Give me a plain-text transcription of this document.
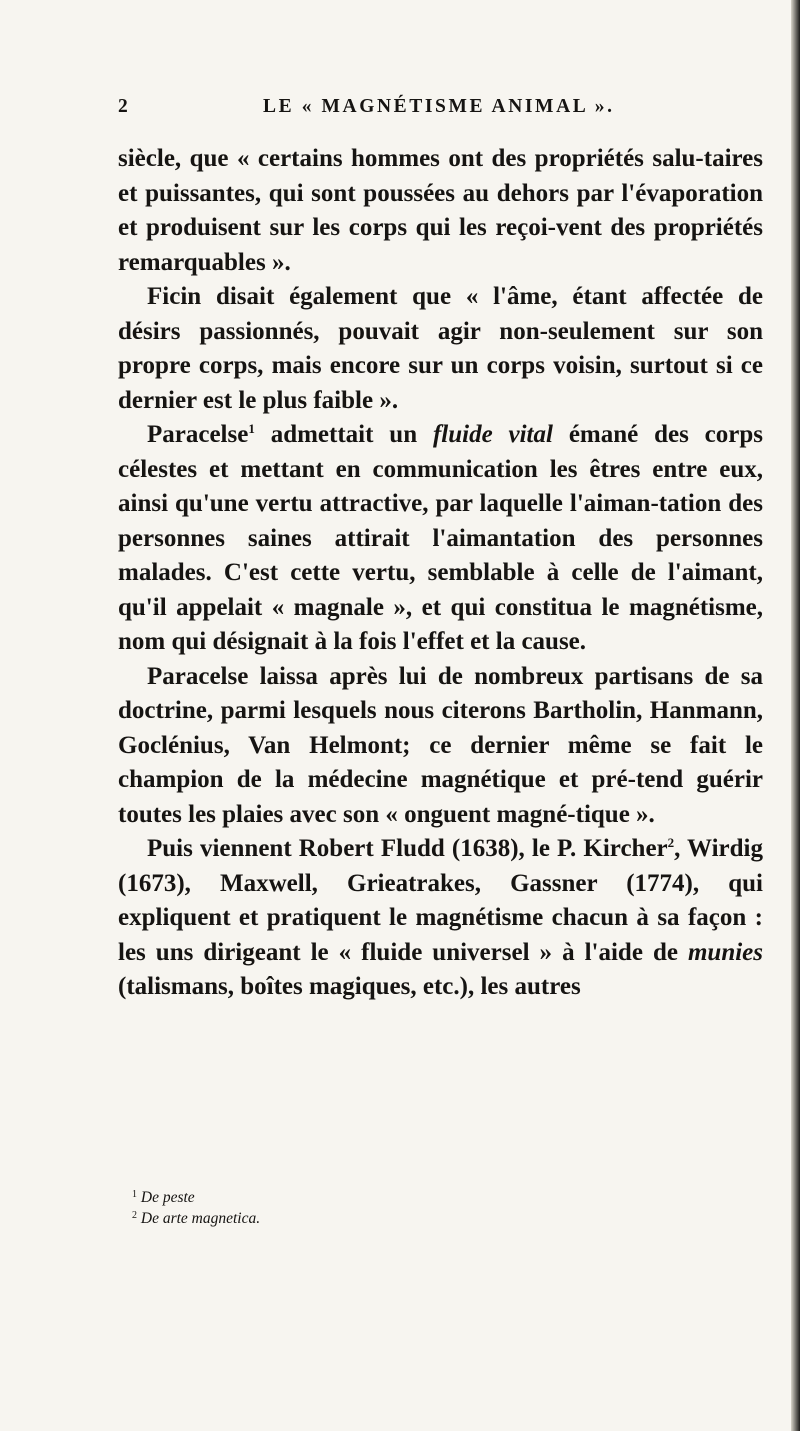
2	LE « MAGNÉTISME ANIMAL ».

siècle, que « certains hommes ont des propriétés salu-taires et puissantes, qui sont poussées au dehors par l'évaporation et produisent sur les corps qui les reçoi-vent des propriétés remarquables ».

Ficin disait également que « l'âme, étant affectée de désirs passionnés, pouvait agir non-seulement sur son propre corps, mais encore sur un corps voisin, surtout si ce dernier est le plus faible ».

Paracelse$^1$ admettait un fluide vital émané des corps célestes et mettant en communication les êtres entre eux, ainsi qu'une vertu attractive, par laquelle l'aiman-tation des personnes saines attirait l'aimantation des personnes malades. C'est cette vertu, semblable à celle de l'aimant, qu'il appelait « magnale », et qui constitua le magnétisme, nom qui désignait à la fois l'effet et la cause.

Paracelse laissa après lui de nombreux partisans de sa doctrine, parmi lesquels nous citerons Bartholin, Hanmann, Goclénius, Van Helmont; ce dernier même se fait le champion de la médecine magnétique et pré-tend guérir toutes les plaies avec son « onguent magné-tique ».

Puis viennent Robert Fludd (1638), le P. Kircher$^2$, Wirdig (1673), Maxwell, Grieatrakes, Gassner (1774), qui expliquent et pratiquent le magnétisme chacun à sa façon : les uns dirigeant le « fluide universel » à l'aide de munies (talismans, boîtes magiques, etc.), les autres

$^1$ De peste
$^2$ De arte magnetica.
